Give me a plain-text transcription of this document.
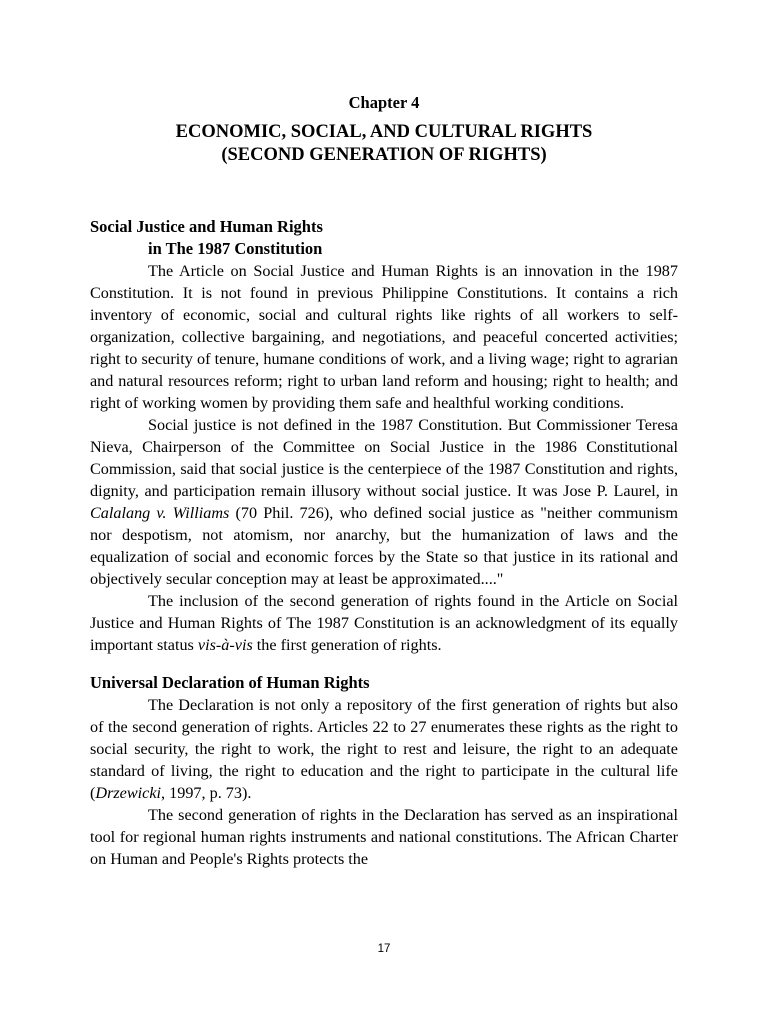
Chapter 4
ECONOMIC, SOCIAL, AND CULTURAL RIGHTS
(SECOND GENERATION OF RIGHTS)
Social Justice and Human Rights
in The 1987 Constitution

The Article on Social Justice and Human Rights is an innovation in the 1987 Constitution. It is not found in previous Philippine Constitutions. It contains a rich inventory of economic, social and cultural rights like rights of all workers to self-organization, collective bargaining, and negotiations, and peaceful concerted activities; right to security of tenure, humane conditions of work, and a living wage; right to agrarian and natural resources reform; right to urban land reform and housing; right to health; and right of working women by providing them safe and healthful working conditions.

Social justice is not defined in the 1987 Constitution. But Commissioner Teresa Nieva, Chairperson of the Committee on Social Justice in the 1986 Constitutional Commission, said that social justice is the centerpiece of the 1987 Constitution and rights, dignity, and participation remain illusory without social justice. It was Jose P. Laurel, in Calalang v. Williams (70 Phil. 726), who defined social justice as "neither communism nor despotism, not atomism, nor anarchy, but the humanization of laws and the equalization of social and economic forces by the State so that justice in its rational and objectively secular conception may at least be approximated...."

The inclusion of the second generation of rights found in the Article on Social Justice and Human Rights of The 1987 Constitution is an acknowledgment of its equally important status vis-à-vis the first generation of rights.

Universal Declaration of Human Rights

The Declaration is not only a repository of the first generation of rights but also of the second generation of rights. Articles 22 to 27 enumerates these rights as the right to social security, the right to work, the right to rest and leisure, the right to an adequate standard of living, the right to education and the right to participate in the cultural life (Drzewicki, 1997, p. 73).

The second generation of rights in the Declaration has served as an inspirational tool for regional human rights instruments and national constitutions. The African Charter on Human and People's Rights protects the

17
